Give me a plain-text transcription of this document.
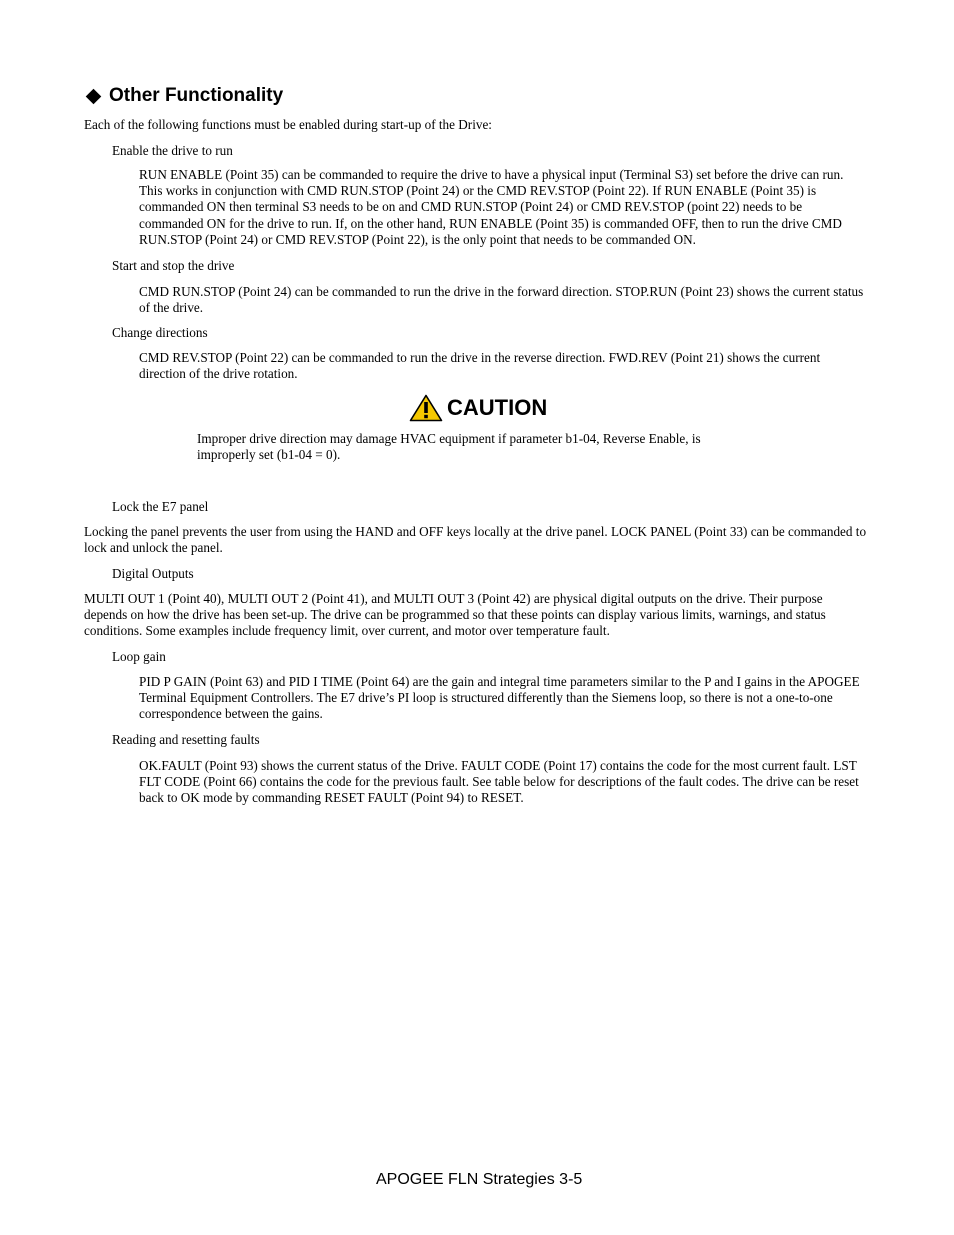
Other Functionality
Each of the following functions must be enabled during start-up of the Drive:
Enable the drive to run
RUN ENABLE (Point 35) can be commanded to require the drive to have a physical input (Terminal S3) set before the drive can run. This works in conjunction with CMD RUN.STOP (Point 24) or the CMD REV.STOP (Point 22). If RUN ENABLE (Point 35) is commanded ON then terminal S3 needs to be on and CMD RUN.STOP (Point 24) or CMD REV.STOP (point 22) needs to be commanded ON for the drive to run. If, on the other hand, RUN ENABLE (Point 35) is commanded OFF, then to run the drive CMD RUN.STOP (Point 24) or CMD REV.STOP (Point 22), is the only point that needs to be commanded ON.
Start and stop the drive
CMD RUN.STOP (Point 24) can be commanded to run the drive in the forward direction. STOP.RUN (Point 23) shows the current status of the drive.
Change directions
CMD REV.STOP (Point 22) can be commanded to run the drive in the reverse direction. FWD.REV (Point 21) shows the current direction of the drive rotation.
CAUTION
Improper drive direction may damage HVAC equipment if parameter b1-04, Reverse Enable, is improperly set (b1-04 = 0).
Lock the E7 panel
Locking the panel prevents the user from using the HAND and OFF keys locally at the drive panel. LOCK PANEL (Point 33) can be commanded to lock and unlock the panel.
Digital Outputs
MULTI OUT 1 (Point 40), MULTI OUT 2 (Point 41), and MULTI OUT 3 (Point 42) are physical digital outputs on the drive. Their purpose depends on how the drive has been set-up. The drive can be programmed so that these points can display various limits, warnings, and status conditions. Some examples include frequency limit, over current, and motor over temperature fault.
Loop gain
PID P GAIN (Point 63) and PID I TIME (Point 64) are the gain and integral time parameters similar to the P and I gains in the APOGEE Terminal Equipment Controllers. The E7 drive’s PI loop is structured differently than the Siemens loop, so there is not a one-to-one correspondence between the gains.
Reading and resetting faults
OK.FAULT (Point 93) shows the current status of the Drive. FAULT CODE (Point 17) contains the code for the most current fault. LST FLT CODE (Point 66) contains the code for the previous fault. See table below for descriptions of the fault codes. The drive can be reset back to OK mode by commanding RESET FAULT (Point 94) to RESET.
APOGEE FLN Strategies 3-5
